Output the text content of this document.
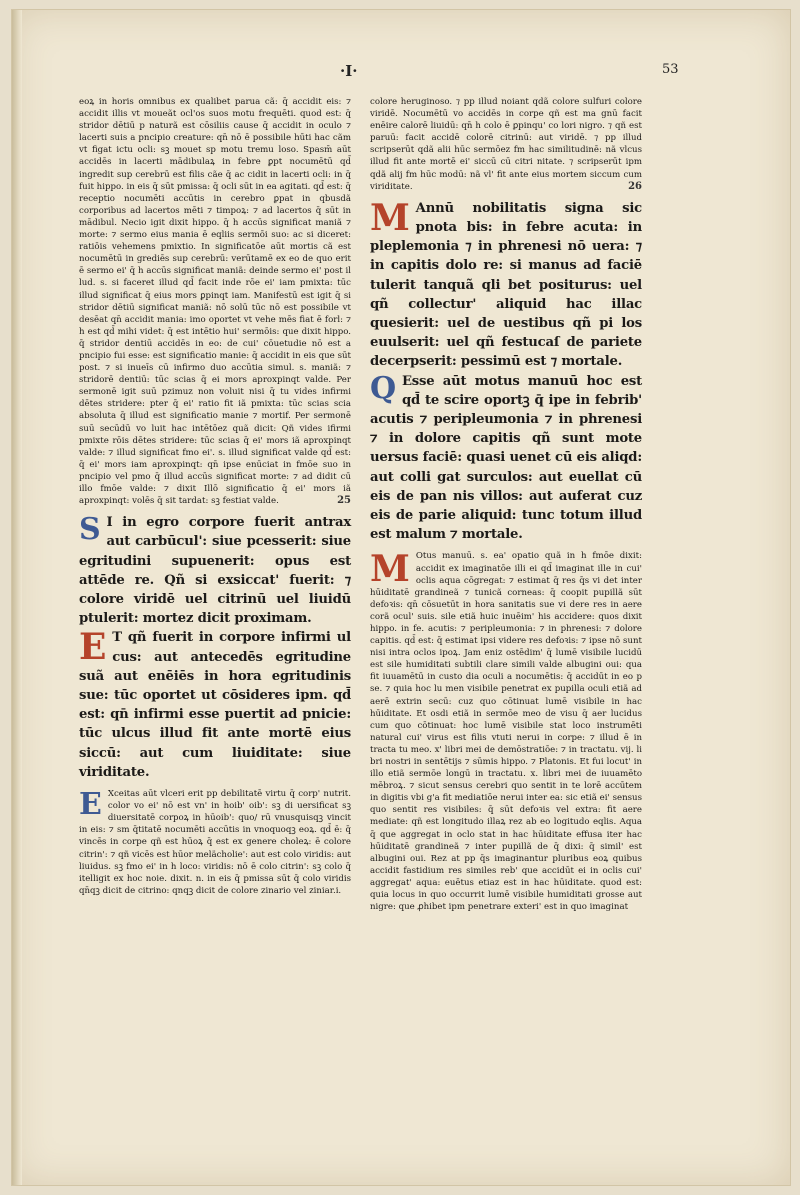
·I·	53

eoꝝ in horis omnibus ex qualibet parua cã: q̄ accidit eis: ⁊ accidit illis vt moueãt ocl'os suos motu frequēti. quod est: q̄ stridor dētiū p naturã est cōsiliis cause q̄ accidit in oculo ⁊ lacerti suis a pncipio creature: qn̄ nō ē possibile hūti hac cãm vt figat ictu ocli: sꝫ mouet sp motu tremu loso. Spasm̄ aūt accidēs in lacerti mādibulaꝝ in febre ꝑpt nocumētū qd̄ ingredit sup cerebrū est filis cãe q̄ ac cidit in lacerti ocli: in q̄ fuit hippo. in eis q̄ sūt pmissa: q̄ ocli sūt in ea agitati. qd̄ est: q̄ receptio nocumēti accūtis in cerebro ꝑpat in qbusdã corporibus ad lacertos mēti ⁊ timpoꝝ: ⁊ ad lacertos q̄ sūt in mādibul. Necio igit dixit hippo. q̄ h accūs significat maniã ⁊ morte: ⁊ sermo eius mania ē eqliis sermōi suo: ac si diceret: ratiōis vehemens pmixtio. In significatōe aūt mortis cã est nocumētū in grediēs sup cerebrū: verūtamē ex eo de quo erit ē sermo ei' q̄ h accūs significat maniã: deinde sermo ei' post il lud. s. si faceret illud qd̄ facit inde rōe ei' iam pmixta: tūc illud significat q̄ eius mors ꝑpinqt iam. Manifestū est igit q̄ si stridor dētiū significat maniã: nō solū tūc nō est possibile vt desēat qn̄ accidit mania: imo oportet vt vehe mēs fiat ē forl: ⁊ h est qd̄ mihi videt: q̄ est intētio hui' sermōis: que dixit hippo. q̄ stridor dentiū accidēs in eo: de cui' cōuetudie nō est a pncipio fui esse: est significatio manie: q̄ accidit in eis que sūt post. ⁊ si inueīs cū infirmo duo accūtia simul. s. maniã: ⁊ stridorē dentiū: tūc scias q̄ ei mors aproxpinqt valde. Per sermonē igit suū pzimuz non voluit nisi q̄ tu vides infirmi dētes stridere: pter q̄ ei' ratio fit iã pmixta: tūc scias scia absoluta q̄ illud est significatio manie ⁊ mortif. Per sermonē suū secūdū vo luit hac intētōez quã dicit: Qñ vides ifirmi pmixte rōis dētes stridere: tūc scias q̄ ei' mors iã aproxpinqt valde: ⁊ illud significat fmo ei'. s. illud significat valde qd̄ est: q̄ ei' mors iam aproxpinqt: qn̄ ipse enūciat in fmōe suo in pncipio vel pmo q̄ illud accūs significat morte: ⁊ ad didit cū illo fmōe valde: ⁊ dixit Illō significatio q̄ ei' mors iã aproxpinqt: volēs q̄ sit tardat: sꝫ festiat valde.	25

S I in egro corpore fuerit antrax aut carbūcul': siue pcesserit: siue egritudini supuenerit: opus est attēde re. Qñ si exsiccat' fuerit: ⁊ colore viridē uel citrinū uel liuidū ptulerit: mortez dicit proximam.

E T qñ fuerit in corpore infirmi ul cus: aut antecedēs egritudine suã aut enēiēs in hora egritudinis sue: tūc oportet ut cōsideres ipm. qd̄ est: qn̄ infirmi esse puertit ad pnicie: tūc ulcus illud fit ante mortē eius siccū: aut cum liuiditate: siue viriditate.

E Xceitas aūt vlceri erit pp debilitatē virtu q̄ corp' nutrit. color vo ei' nō est vn' in hoib' oib': sꝫ di uersificat sꝫ diuersitatē corpoꝝ in hūoib': quo/ rū vnusquisqꝫ vincit in eis: ⁊ sm q̄titatē nocumēti accūtis in vnoquoqꝫ eoꝝ. qd̄ ē: q̄ vincēs in corpe qñ est hūoꝝ q̄ est ex genere choleꝝ: ē colore citrin': ⁊ qñ vicēs est hūor melächolie': aut est colo viridis: aut liuidus. sꝫ fmo ei' in h loco: viridis: nō ē colo citrin': sꝫ colo q̄ itelligit ex hoc noie. dixit. n. in eis q̄ pmissa sūt q̄ colo viridis qn̄qꝫ dicit de citrino: qnqꝫ dicit de colore zinario vel ziniar.i.

colore heruginoso. ⁊ pp illud noiant qdã colore sulfuri colore viridē. Nocumētū vo accidēs in corpe qñ est ma gnū facit enēire calorē liuidū: qn̄ h colo ē ꝑpinqu' co lori nigro. ⁊ qñ est paruū: facit accidē colorē citrinū: aut viridē. ⁊ pp illud scripserūt qdã alii hūc sermōez fm hac similitudinē: nã vlcus illud fit ante mortē ei' siccū cū citri nitate. ⁊ scripserūt ipm qdã alij fm hūc modū: nã vl' fit ante eius mortem siccum cum viriditate.	26

M Annū nobilitatis signa sic pnota bis: in febre acuta: in pleplemonia ⁊ in phrenesi nō uera: ⁊ in capitis dolo re: si manus ad faciē tulerit tanquã qli bet positurus: uel qñ collectur' aliquid hac illac quesierit: uel de uestibus qñ pi los euulserit: uel qñ festucaſ de pariete decerpserit: pessimū est ⁊ mortale.

Q Esse aūt motus manuū hoc est qd̄ te scire oportꝫ q̄ ipe in febrib' acutis ⁊ peripleumonia ⁊ in phrenesi ⁊ in dolore capitis qñ sunt mote uersus faciē: quasi uenet cū eis aliqd: aut colli gat surculos: aut euellat cū eis de pan nis villos: aut auferat cuz eis de parie aliquid: tunc totum illud est malum ⁊ mortale.

M Otus manuū. s. ea' opatio quã in h fmōe dixit: accidit ex imaginatōe illi ei qd̄ imaginat ille in cui' oclis aqua cōgregat: ⁊ estimat q̄ res q̄s vi det inter hūiditatē grandineã ⁊ tunicã corneas: q̄ coopit pupillã sūt defoꝛis: qn̄ cōsuetūt in hora sanitatis sue vi dere res in aere corã ocul' suis. sile etiã huic inuēim' his accidere: quos dixit hippo. in fe. acutis: ⁊ peripleumonia: ⁊ in phrenesi: ⁊ dolore capitis. qd̄ est: q̄ estimat ipsi videre res defoꝛis: ⁊ ipse nō sunt nisi intra oclos ipoꝝ. Jam eniz ostēdim' q̄ lumē visibile lucidū est sile humiditati subtili clare simili valde albugini oui: qua fit iuuamētū in custo dia oculi a nocumētis: q̄ accidūt in eo p se. ⁊ quia hoc lu men visibile penetrat ex pupilla oculi etiã ad aerē extrin secū: cuz quo cōtinuat lumē visibile in hac hūiditate. Et osdi etiã in sermōe meo de visu q̄ aer lucidus cum quo cōtinuat: hoc lumē visibile stat loco instrumēti natural cui' virus est filis vtuti nerui in corpe: ⁊ illud ē in tracta tu meo. x' libri mei de demōstratiōe: ⁊ in tractatu. vij. li bri nostri in sentētijs ⁊ sūmis hippo. ⁊ Platonis. Et fui locut' in illo etiã sermōe longū in tractatu. x. libri mei de iuuamēto mēbroꝝ. ⁊ sicut sensus cerebri quo sentit in te lorē accūtem in digitis vbi g'a fit mediatiōe nerui inter ea: sic etiã ei' sensus quo sentit res visibiles: q̄ sūt defoꝛis vel extra: fit aere mediate: qñ est longitudo illaꝝ rez ab eo logitudo eqlis. Aqua q̄ que aggregat in oclo stat in hac hūiditate effusa iter hac hūiditatē grandineã ⁊ inter pupillã de q̄ dixi: q̄ simil' est albugini oui. Rez at pp q̄s imaginantur pluribus eoꝝ quibus accidit fastidium res similes reb' que accidūt ei in oclis cui' aggregat' aqua: euētus etiaz est in hac hūiditate. quod est: quia locus in quo occurrit lumē visibile humiditati grosse aut nigre: que ꝓhibet ipm penetrare exteri' est in quo imaginat
